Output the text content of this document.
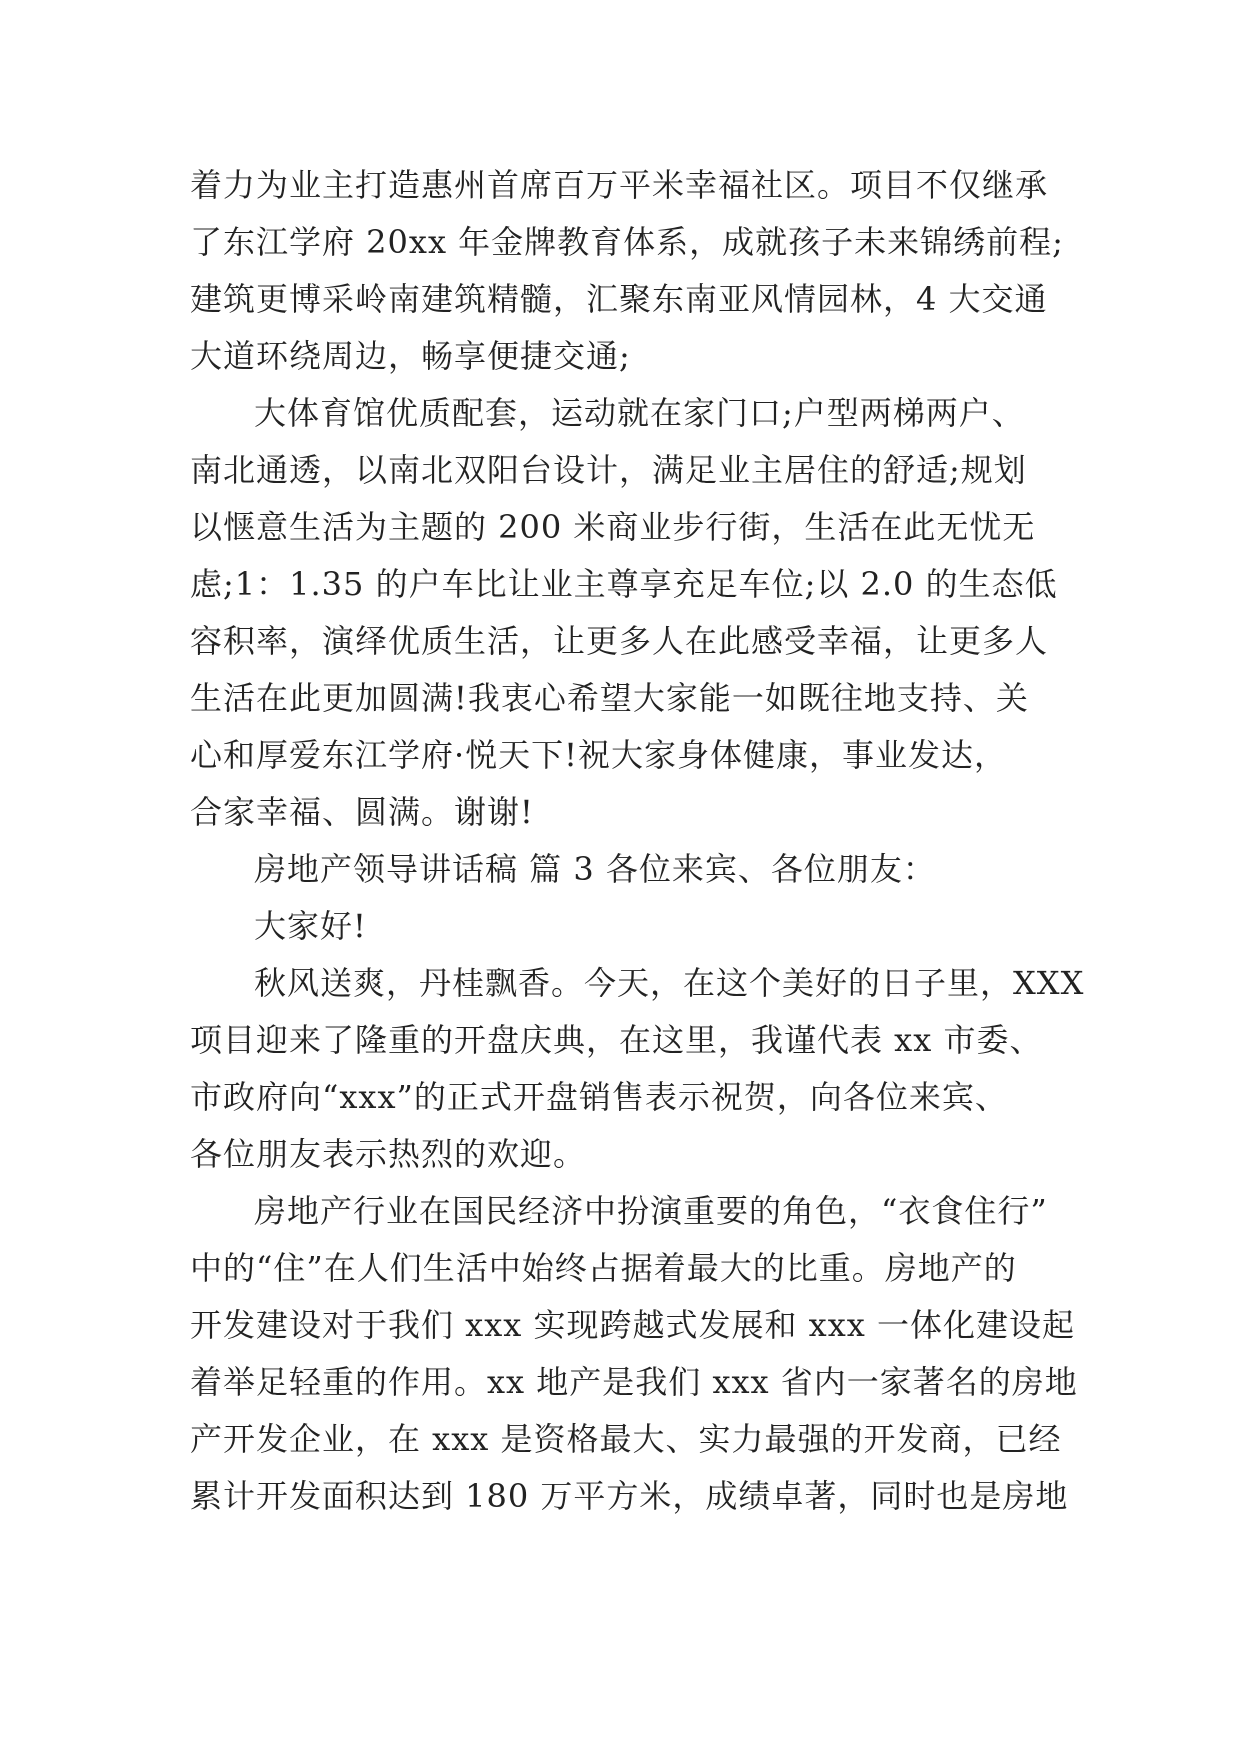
着力为业主打造惠州首席百万平米幸福社区。项目不仅继承

了东江学府 20xx 年金牌教育体系，成就孩子未来锦绣前程;

建筑更博采岭南建筑精髓，汇聚东南亚风情园林，4 大交通

大道环绕周边，畅享便捷交通;

大体育馆优质配套，运动就在家门口;户型两梯两户、

南北通透，以南北双阳台设计，满足业主居住的舒适;规划

以惬意生活为主题的 200 米商业步行街，生活在此无忧无

虑;1：1.35 的户车比让业主尊享充足车位;以 2.0 的生态低

容积率，演绎优质生活，让更多人在此感受幸福，让更多人

生活在此更加圆满!我衷心希望大家能一如既往地支持、关

心和厚爱东江学府·悦天下!祝大家身体健康，事业发达，

合家幸福、圆满。谢谢!

房地产领导讲话稿 篇 3 各位来宾、各位朋友：

大家好!

秋风送爽，丹桂飘香。今天，在这个美好的日子里，XXX

项目迎来了隆重的开盘庆典，在这里，我谨代表 xx 市委、

市政府向“xxx”的正式开盘销售表示祝贺，向各位来宾、

各位朋友表示热烈的欢迎。

房地产行业在国民经济中扮演重要的角色，“衣食住行”

中的“住”在人们生活中始终占据着最大的比重。房地产的

开发建设对于我们 xxx 实现跨越式发展和 xxx 一体化建设起

着举足轻重的作用。xx 地产是我们 xxx 省内一家著名的房地

产开发企业，在 xxx 是资格最大、实力最强的开发商，已经

累计开发面积达到 180 万平方米，成绩卓著，同时也是房地
